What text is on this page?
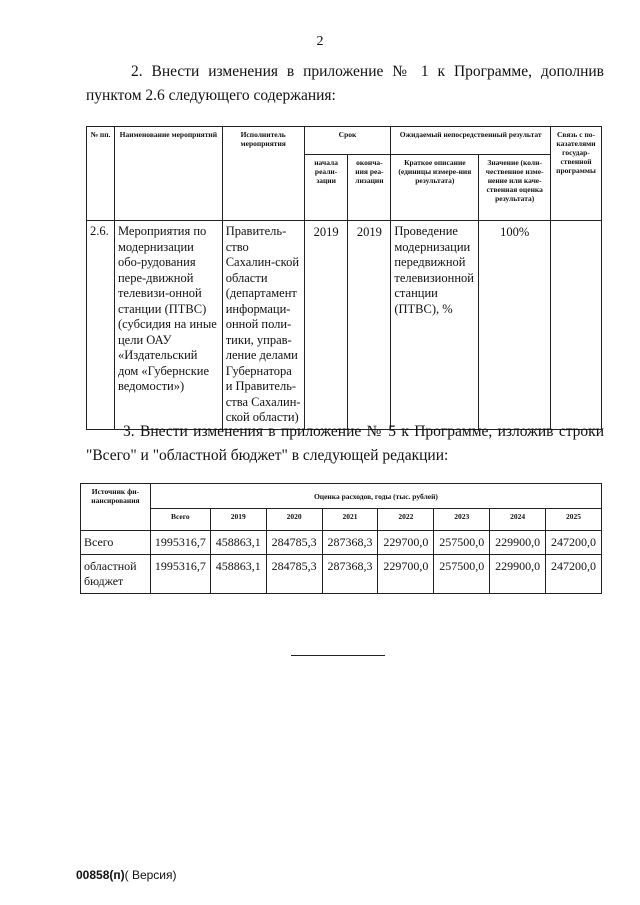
2
2. Внести изменения в приложение № 1 к Программе, дополнив пунктом 2.6 следующего содержания:
№ пп.	Наименование мероприятий	Исполнитель мероприятия	Срок		Ожидаемый непосредственный результат		Связь с по-казателями государ-ственной программы
			начала реали-зации	оконча-ния реа-лизации	Краткое описание (единицы измере-ния результата)	Значение (коли-чественное изме-нение или каче-ственная оценка результата)	
2.6.	Мероприятия по модернизации обо-рудования пере-движной телевизи-онной станции (ПТВС) (субсидия на иные цели ОАУ «Издательский дом «Губернские ведомости»)	Правитель-ство Сахалин-ской области (департамент информаци-онной поли-тики, управ-ление делами Губернатора и Правитель-ства Сахалин-ской области)	2019	2019	Проведение модернизации передвижной телевизионной станции (ПТВС), %	100%	
3. Внести изменения в приложение № 5 к Программе, изложив строки "Всего" и "областной бюджет" в следующей редакции:
Источник фи-нансирования	Оценка расходов, годы (тыс. рублей)							
	Всего	2019	2020	2021	2022	2023	2024	2025
Всего	1995316,7	458863,1	284785,3	287368,3	229700,0	257500,0	229900,0	247200,0
областной бюджет	1995316,7	458863,1	284785,3	287368,3	229700,0	257500,0	229900,0	247200,0
00858(п)( Версия)
